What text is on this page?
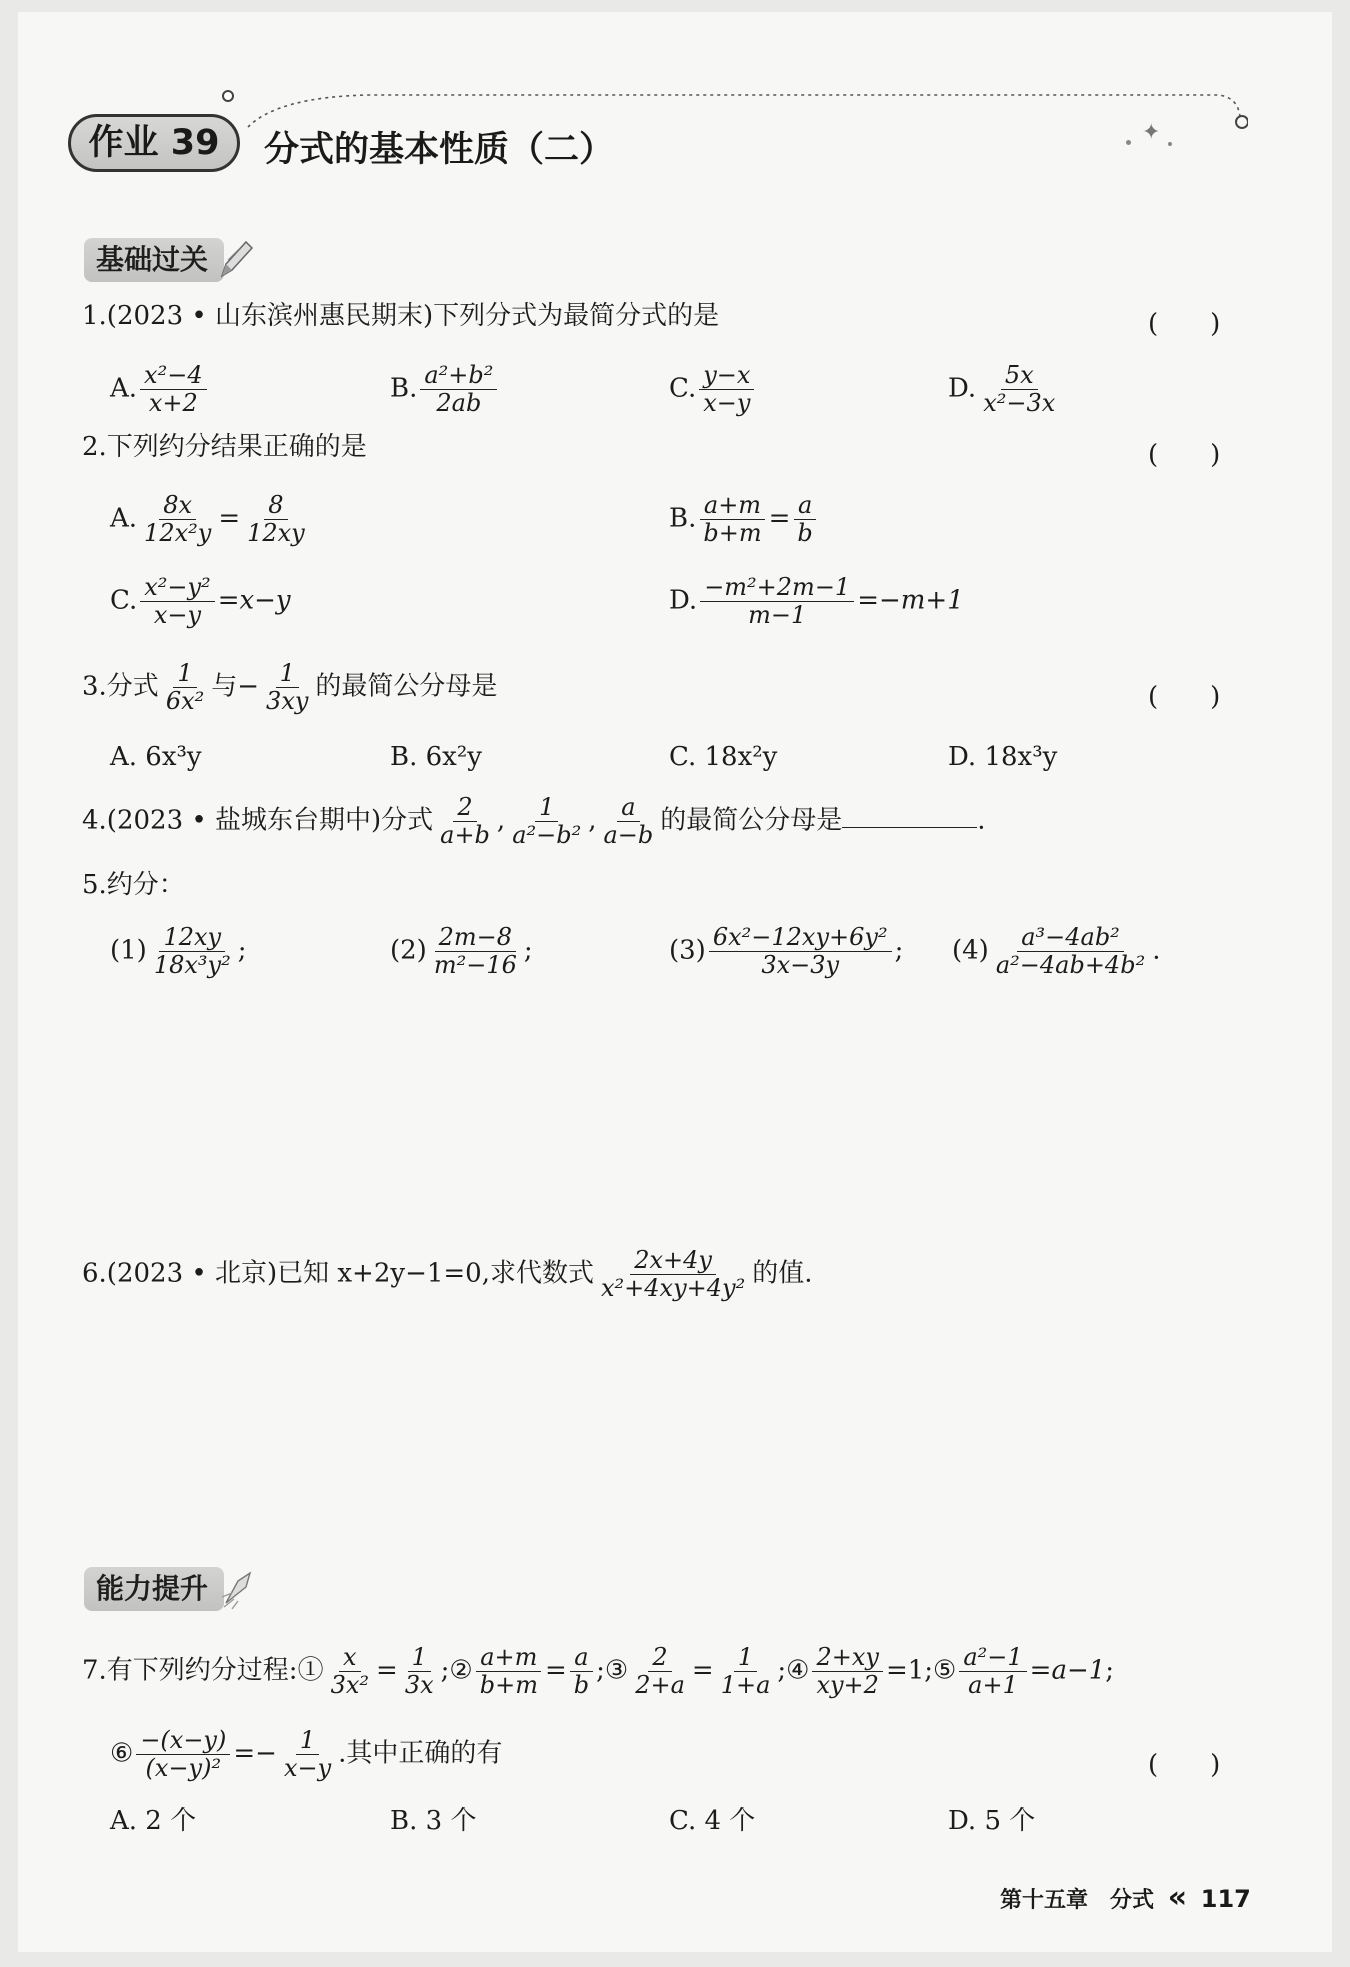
✦
作业 39	分式的基本性质（二）
基础过关
1.(2023 • 山东滨州惠民期末)下列分式为最简分式的是	(　　)
A. $\frac{\text{x²−4}}{x+2}$	B. $\frac{\text{a²+b²}}{2ab}$	C. $\frac{y-x}{x-y}$	D. $\frac{5x}{\text{x²−3x}}$
2.下列约分结果正确的是	(　　)
A. $\frac{8x}{\text{12x²y}} = \frac{8}{12xy}$	B. $\frac{a+m}{b+m} = \frac{a}{b}$
C. $\frac{\text{x²−y²}}{x-y} =x-y$	D. $\frac{\text{−m²+2m−1}}{m-1} =-m+1$
3.分式 $\frac{1}{\text{6x²}}$ 与− $\frac{1}{3xy}$ 的最简公分母是	(　　)
A. 6x³y	B. 6x²y	C. 18x²y	D. 18x³y
4.(2023 • 盐城东台期中)分式 $\frac{2}{a+b}$ , $\frac{1}{\text{a²−b²}}$ , $\frac{a}{a-b}$ 的最简公分母是	.
5.约分：
$(1) \frac{12xy}{\text{18x³y²}}$ ;	$(2) \frac{2m-8}{\text{m²−16}}$ ;	$(3) \frac{\text{6x²−12xy+6y²}}{3x-3y}$ ; $(4) \frac{\text{a³−4ab²}}{\text{a²−4ab+4b²}}$ .
6.(2023 • 北京)已知 x+2y−1=0,求代数式 $\frac{2x+4y}{\text{x²+4xy+4y²}}$ 的值.
能力提升
7.有下列约分过程:① $\frac{x}{\text{3x²}} = \frac{1}{3x}$ ;② $\frac{a+m}{b+m} = \frac{a}{b}$ ;③ $\frac{2}{2+a} = \frac{1}{1+a}$ ;④ $\frac{2+xy}{xy+2}$ =1;⑤ $\frac{\text{a²−1}}{a+1} =a-1$;
⑥ $\frac{-(x-y)}{\text{(x−y)²}} =- \frac{1}{x-y}$ .其中正确的有	(　　)
A. 2 个	B. 3 个	C. 4 个	D. 5 个
第十五章　分式 « 117
